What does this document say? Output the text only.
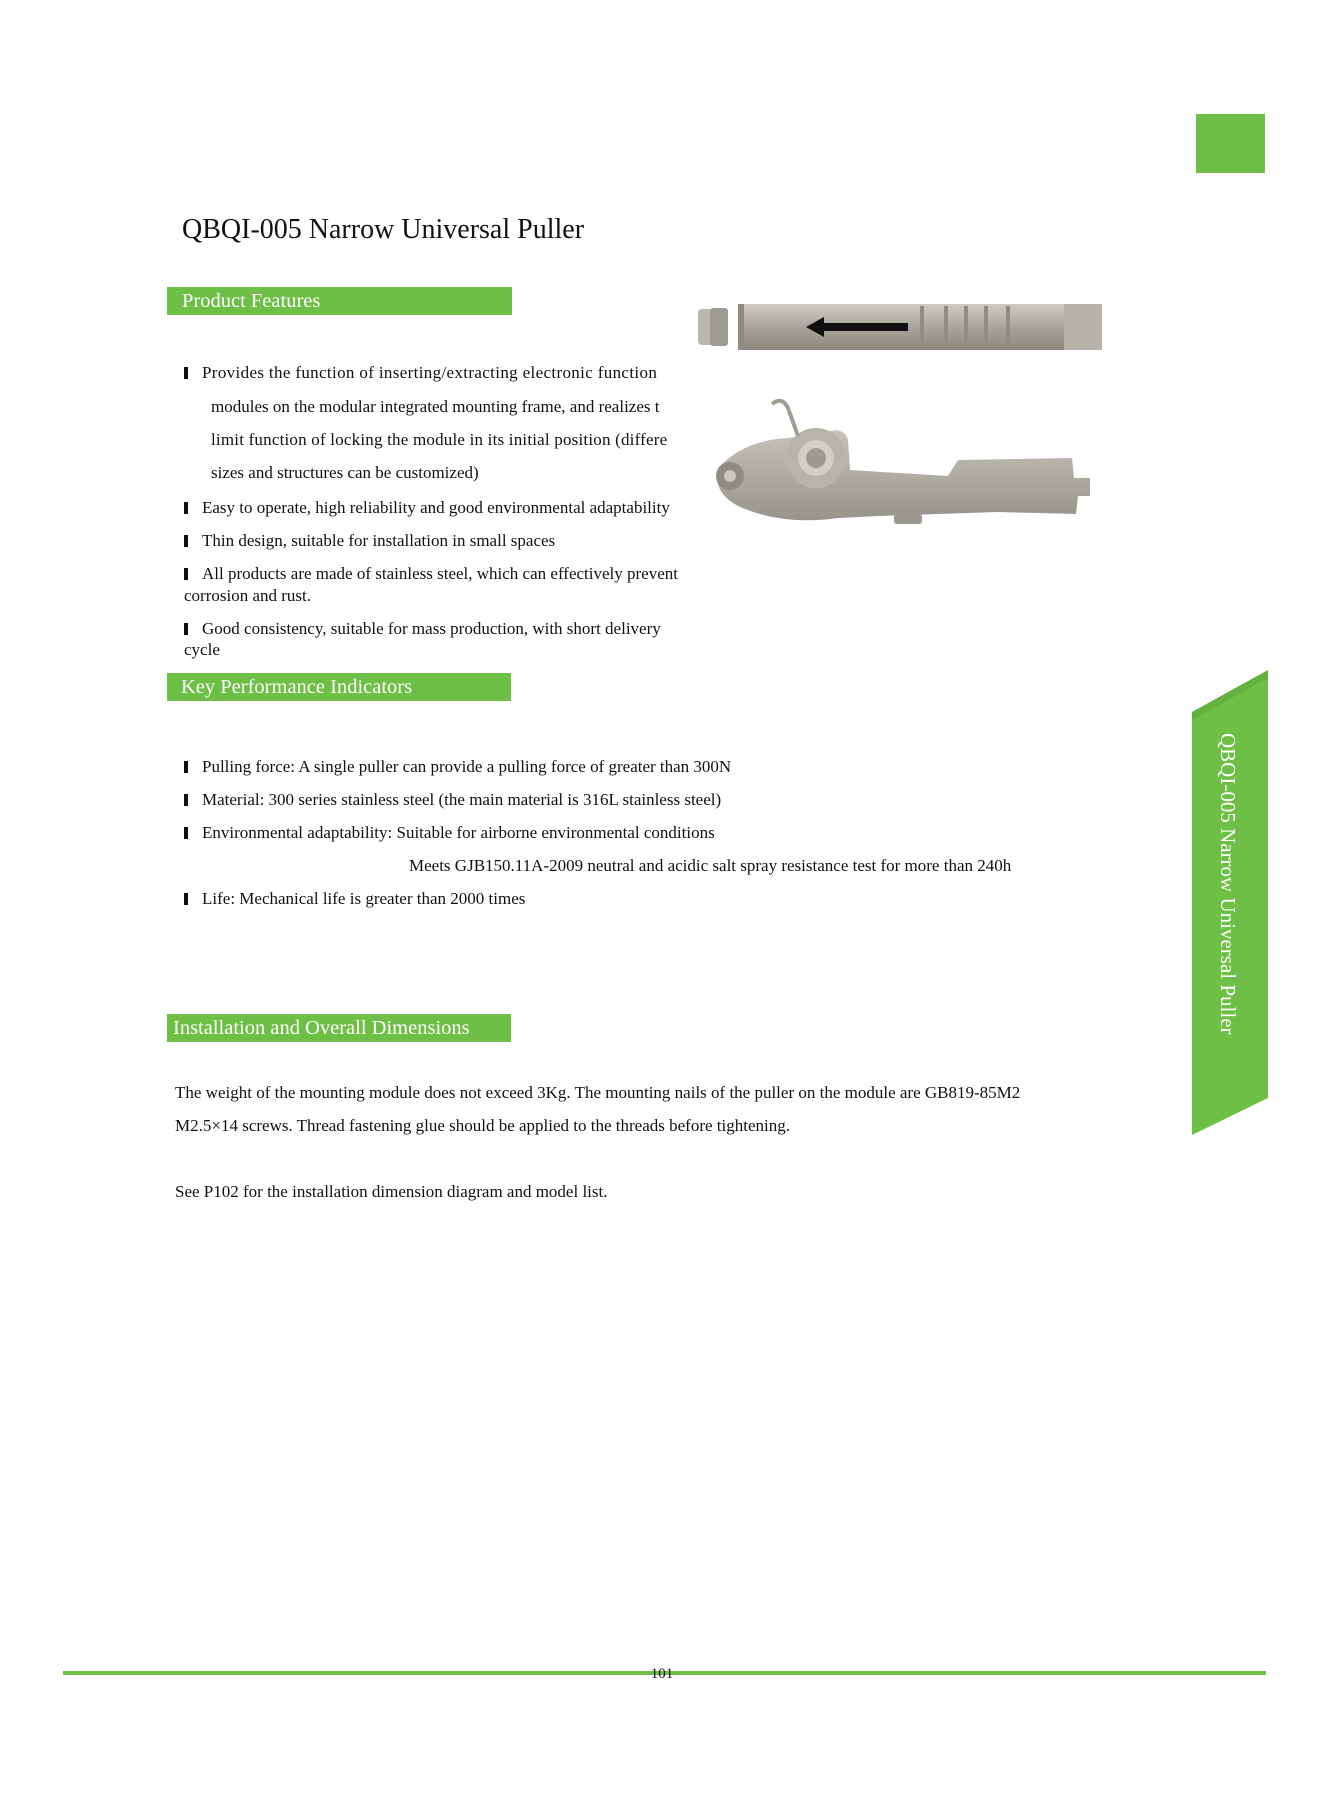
QBQI-005 Narrow Universal Puller
Product Features
Provides the function of inserting/extracting electronic function
modules on the modular integrated mounting frame, and realizes t
limit function of locking the module in its initial position (differe
sizes and structures can be customized)
Easy to operate, high reliability and good environmental adaptability
Thin design, suitable for installation in small spaces
All products are made of stainless steel, which can effectively prevent
corrosion and rust.
Good consistency, suitable for mass production, with short delivery
cycle
Key Performance Indicators
Pulling force: A single puller can provide a pulling force of greater than 300N
Material: 300 series stainless steel (the main material is 316L stainless steel)
Environmental adaptability: Suitable for airborne environmental conditions
Meets GJB150.11A-2009 neutral and acidic salt spray resistance test for more than 240h
Life: Mechanical life is greater than 2000 times
Installation and Overall Dimensions
The weight of the mounting module does not exceed 3Kg. The mounting nails of the puller on the module are GB819-85M2
M2.5×14 screws. Thread fastening glue should be applied to the threads before tightening.
See P102 for the installation dimension diagram and model list.
QBQI-005 Narrow Universal Puller
101
